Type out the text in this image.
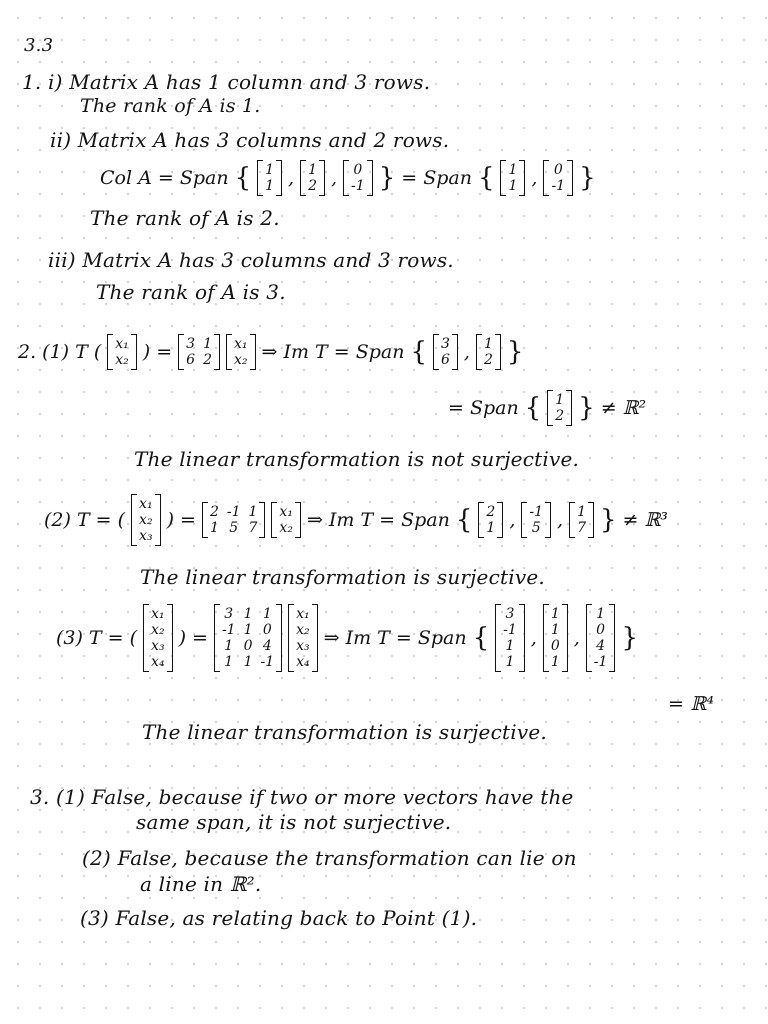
3.3
1. i) Matrix A has 1 column and 3 rows.
The rank of A is 1.
ii) Matrix A has 3 columns and 2 rows.
Col A = Span { 1
1 , 1
2 , 0
-1 } = Span { 1
1 , 0
-1 }
The rank of A is 2.
iii) Matrix A has 3 columns and 3 rows.
The rank of A is 3.
2. (1) T ( x₁
x₂ ) = 3 1
6 2
x₁
x₂ ⇒ Im T = Span { 3
6 , 1
2 }
= Span { 1
2 } ≠ ℝ²
The linear transformation is not surjective.
(2) T = (
x₁
x₂
x₃
) = 2 -1 1
1 5 7
x₁
x₂ ⇒ Im T = Span { 2
1 , -1
5 , 1
7 } ≠ ℝ³
The linear transformation is surjective.
(3) T = (
x₁
x₂
x₃
x₄
) =
3 1 1
-1 1 0
1 0 4
1 1 -1
x₁
x₂
x₃
x₄
⇒ Im T = Span {
3
-1
1
1
,
1
1
0
1
,
1
0
4
-1
}
= ℝ⁴
The linear transformation is surjective.
3. (1) False, because if two or more vectors have the
same span, it is not surjective.
(2) False, because the transformation can lie on
a line in ℝ².
(3) False, as relating back to Point (1).
